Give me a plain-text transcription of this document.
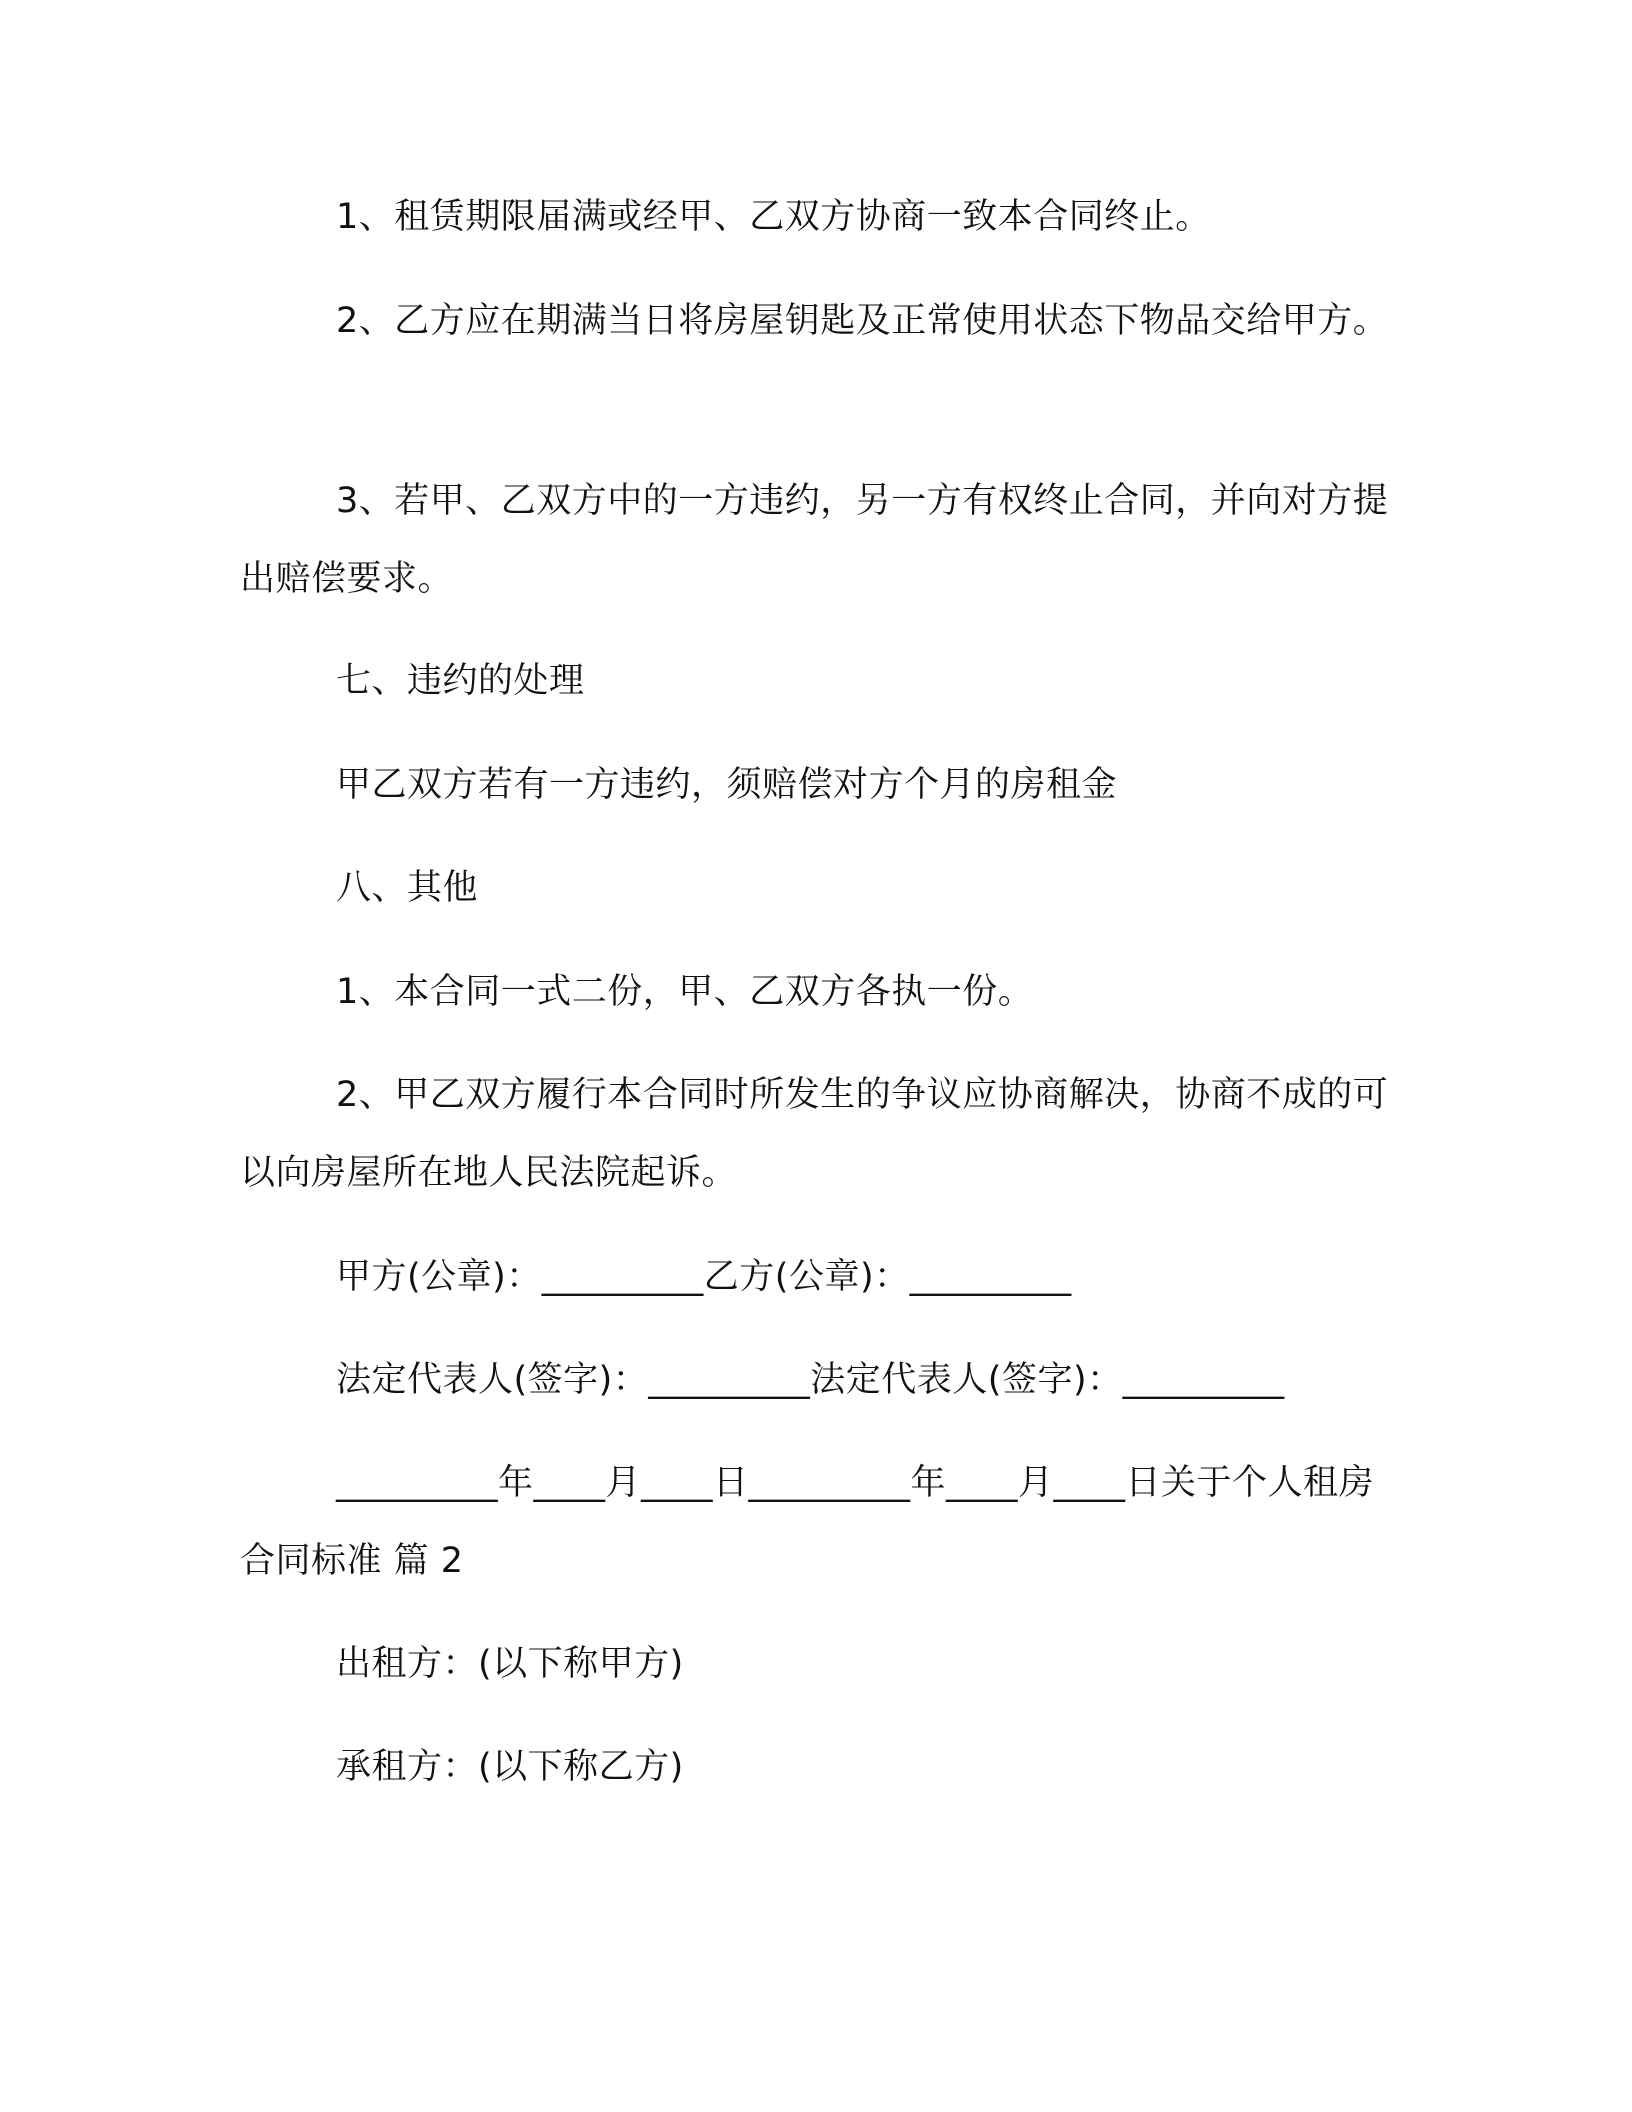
1、租赁期限届满或经甲、乙双方协商一致本合同终止。

2、乙方应在期满当日将房屋钥匙及正常使用状态下物品交给甲方。

3、若甲、乙双方中的一方违约，另一方有权终止合同，并向对方提出赔偿要求。

七、违约的处理

甲乙双方若有一方违约，须赔偿对方个月的房租金

八、其他

1、本合同一式二份，甲、乙双方各执一份。

2、甲乙双方履行本合同时所发生的争议应协商解决，协商不成的可以向房屋所在地人民法院起诉。

甲方(公章)：_________乙方(公章)：_________

法定代表人(签字)：_________法定代表人(签字)：_________

_________年____月____日_________年____月____日关于个人租房合同标准 篇 2

出租方：(以下称甲方)

承租方：(以下称乙方)
